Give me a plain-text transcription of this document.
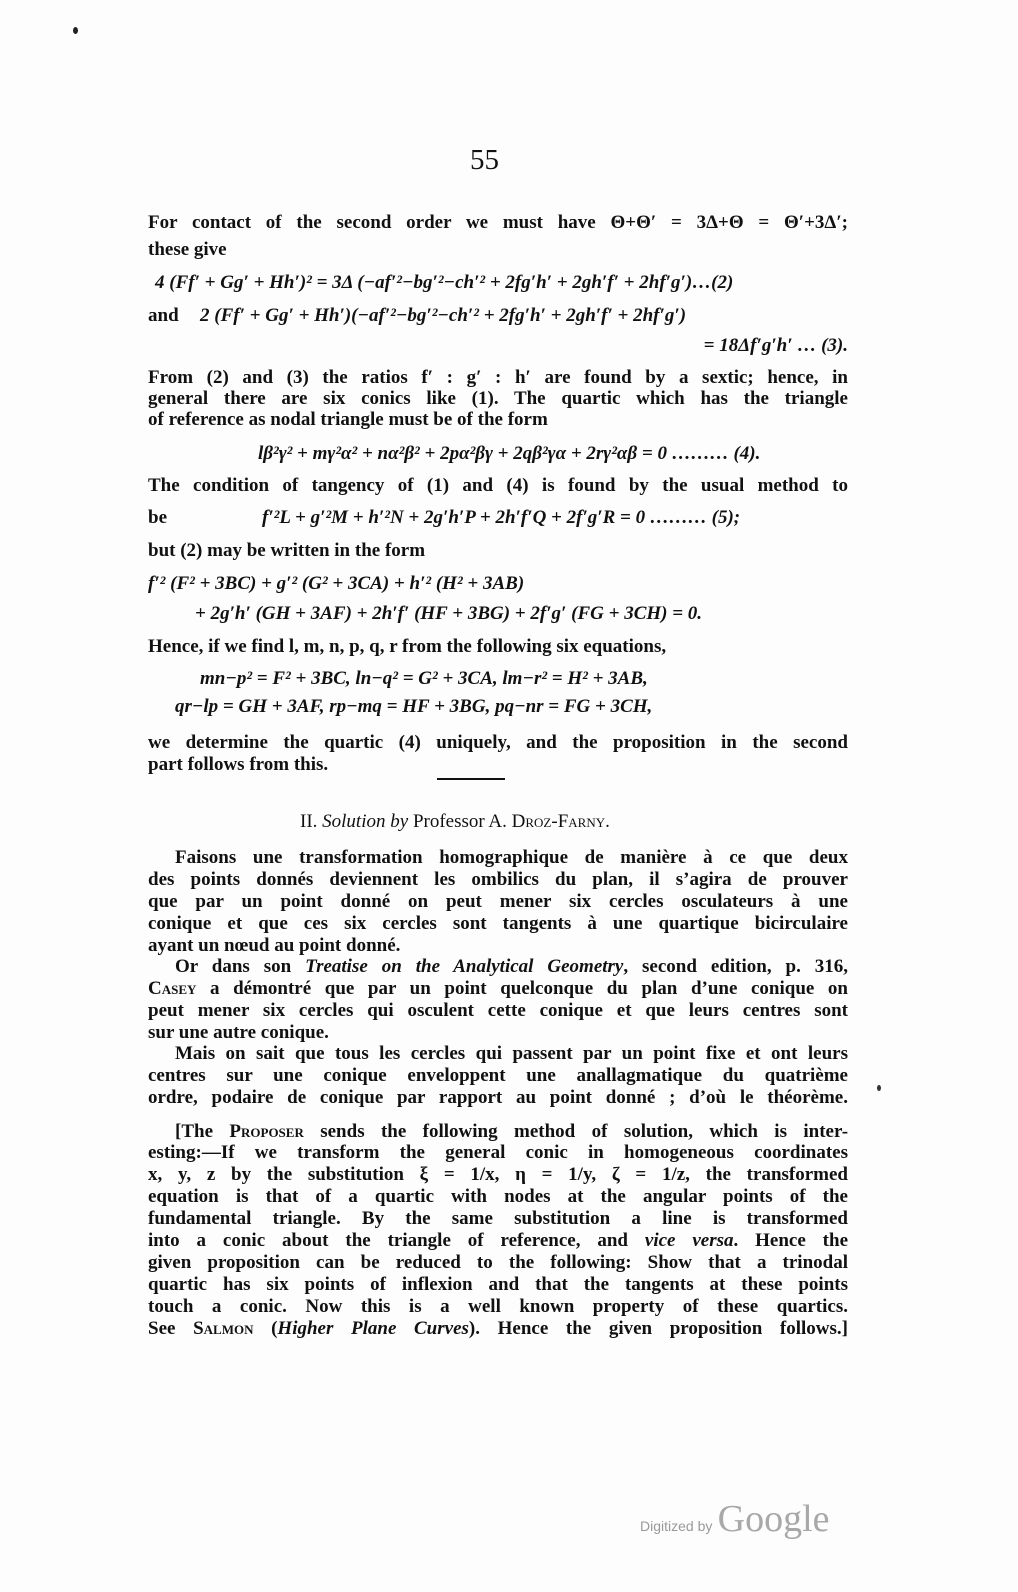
55
For contact of the second order we must have Θ+Θ′ = 3Δ+Θ = Θ′+3Δ′;
these give
4 (Ff′ + Gg′ + Hh′)² = 3Δ (−af′²−bg′²−ch′² + 2fg′h′ + 2gh′f′ + 2hf′g′)…(2)
and 2 (Ff′ + Gg′ + Hh′)(−af′²−bg′²−ch′² + 2fg′h′ + 2gh′f′ + 2hf′g′)
= 18Δf′g′h′ … (3).
From (2) and (3) the ratios f′ : g′ : h′ are found by a sextic; hence, in
general there are six conics like (1). The quartic which has the triangle
of reference as nodal triangle must be of the form
lβ²γ² + mγ²α² + nα²β² + 2pα²βγ + 2qβ²γα + 2rγ²αβ = 0 ……… (4).
The condition of tangency of (1) and (4) is found by the usual method to
be	f′²L + g′²M + h′²N + 2g′h′P + 2h′f′Q + 2f′g′R = 0 ……… (5);
but (2) may be written in the form
f′² (F² + 3BC) + g′² (G² + 3CA) + h′² (H² + 3AB)
+ 2g′h′ (GH + 3AF) + 2h′f′ (HF + 3BG) + 2f′g′ (FG + 3CH) = 0.
Hence, if we find l, m, n, p, q, r from the following six equations,
mn−p² = F² + 3BC, ln−q² = G² + 3CA, lm−r² = H² + 3AB,
qr−lp = GH + 3AF, rp−mq = HF + 3BG, pq−nr = FG + 3CH,
we determine the quartic (4) uniquely, and the proposition in the second
part follows from this.
II. Solution by Professor A. Droz-Farny.
Faisons une transformation homographique de manière à ce que deux
des points donnés deviennent les ombilics du plan, il s’agira de prouver
que par un point donné on peut mener six cercles osculateurs à une
conique et que ces six cercles sont tangents à une quartique bicirculaire
ayant un nœud au point donné.
Or dans son Treatise on the Analytical Geometry, second edition, p. 316,
Casey a démontré que par un point quelconque du plan d’une conique on
peut mener six cercles qui osculent cette conique et que leurs centres sont
sur une autre conique.
Mais on sait que tous les cercles qui passent par un point fixe et ont leurs
centres sur une conique enveloppent une anallagmatique du quatrième
ordre, podaire de conique par rapport au point donné ; d’où le théorème.
[The Proposer sends the following method of solution, which is inter-
esting:—If we transform the general conic in homogeneous coordinates
x, y, z by the substitution ξ = 1/x, η = 1/y, ζ = 1/z, the transformed
equation is that of a quartic with nodes at the angular points of the
fundamental triangle. By the same substitution a line is transformed
into a conic about the triangle of reference, and vice versa. Hence the
given proposition can be reduced to the following: Show that a trinodal
quartic has six points of inflexion and that the tangents at these points
touch a conic. Now this is a well known property of these quartics.
See Salmon (Higher Plane Curves). Hence the given proposition follows.]
Digitized by Google
